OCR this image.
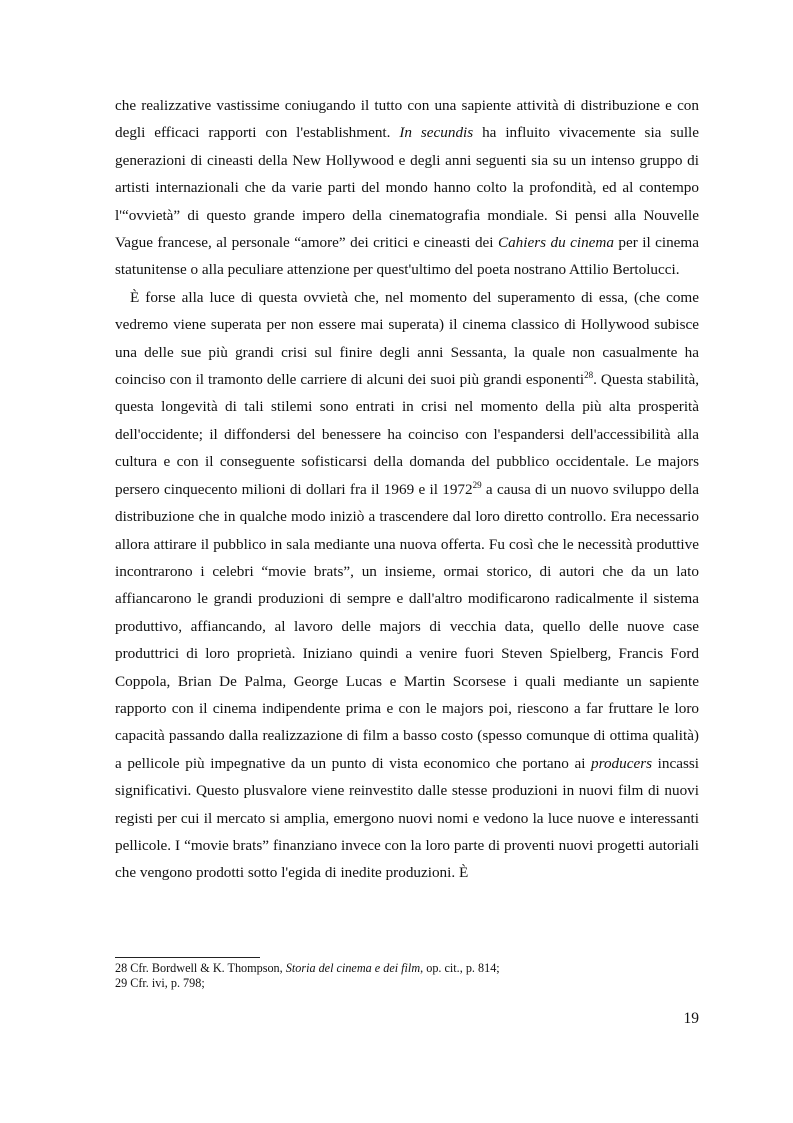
che realizzative vastissime coniugando il tutto con una sapiente attività di distribuzione e con degli efficaci rapporti con l'establishment. In secundis ha influito vivacemente sia sulle generazioni di cineasti della New Hollywood e degli anni seguenti sia su un intenso gruppo di artisti internazionali che da varie parti del mondo hanno colto la profondità, ed al contempo l'“ovvietà” di questo grande impero della cinematografia mondiale. Si pensi alla Nouvelle Vague francese, al personale “amore” dei critici e cineasti dei Cahiers du cinema per il cinema statunitense o alla peculiare attenzione per quest'ultimo del poeta nostrano Attilio Bertolucci.

È forse alla luce di questa ovvietà che, nel momento del superamento di essa, (che come vedremo viene superata per non essere mai superata) il cinema classico di Hollywood subisce una delle sue più grandi crisi sul finire degli anni Sessanta, la quale non casualmente ha coinciso con il tramonto delle carriere di alcuni dei suoi più grandi esponenti$^{28}$. Questa stabilità, questa longevità di tali stilemi sono entrati in crisi nel momento della più alta prosperità dell'occidente; il diffondersi del benessere ha coinciso con l'espandersi dell'accessibilità alla cultura e con il conseguente sofisticarsi della domanda del pubblico occidentale. Le majors persero cinquecento milioni di dollari fra il 1969 e il 1972$^{29}$ a causa di un nuovo sviluppo della distribuzione che in qualche modo iniziò a trascendere dal loro diretto controllo. Era necessario allora attirare il pubblico in sala mediante una nuova offerta. Fu così che le necessità produttive incontrarono i celebri “movie brats”, un insieme, ormai storico, di autori che da un lato affiancarono le grandi produzioni di sempre e dall'altro modificarono radicalmente il sistema produttivo, affiancando, al lavoro delle majors di vecchia data, quello delle nuove case produttrici di loro proprietà. Iniziano quindi a venire fuori Steven Spielberg, Francis Ford Coppola, Brian De Palma, George Lucas e Martin Scorsese i quali mediante un sapiente rapporto con il cinema indipendente prima e con le majors poi, riescono a far fruttare le loro capacità passando dalla realizzazione di film a basso costo (spesso comunque di ottima qualità) a pellicole più impegnative da un punto di vista economico che portano ai producers incassi significativi. Questo plusvalore viene reinvestito dalle stesse produzioni in nuovi film di nuovi registi per cui il mercato si amplia, emergono nuovi nomi e vedono la luce nuove e interessanti pellicole. I “movie brats” finanziano invece con la loro parte di proventi nuovi progetti autoriali che vengono prodotti sotto l'egida di inedite produzioni. È

28 Cfr. Bordwell & K. Thompson, Storia del cinema e dei film, op. cit., p. 814;
29 Cfr. ivi, p. 798;
19
